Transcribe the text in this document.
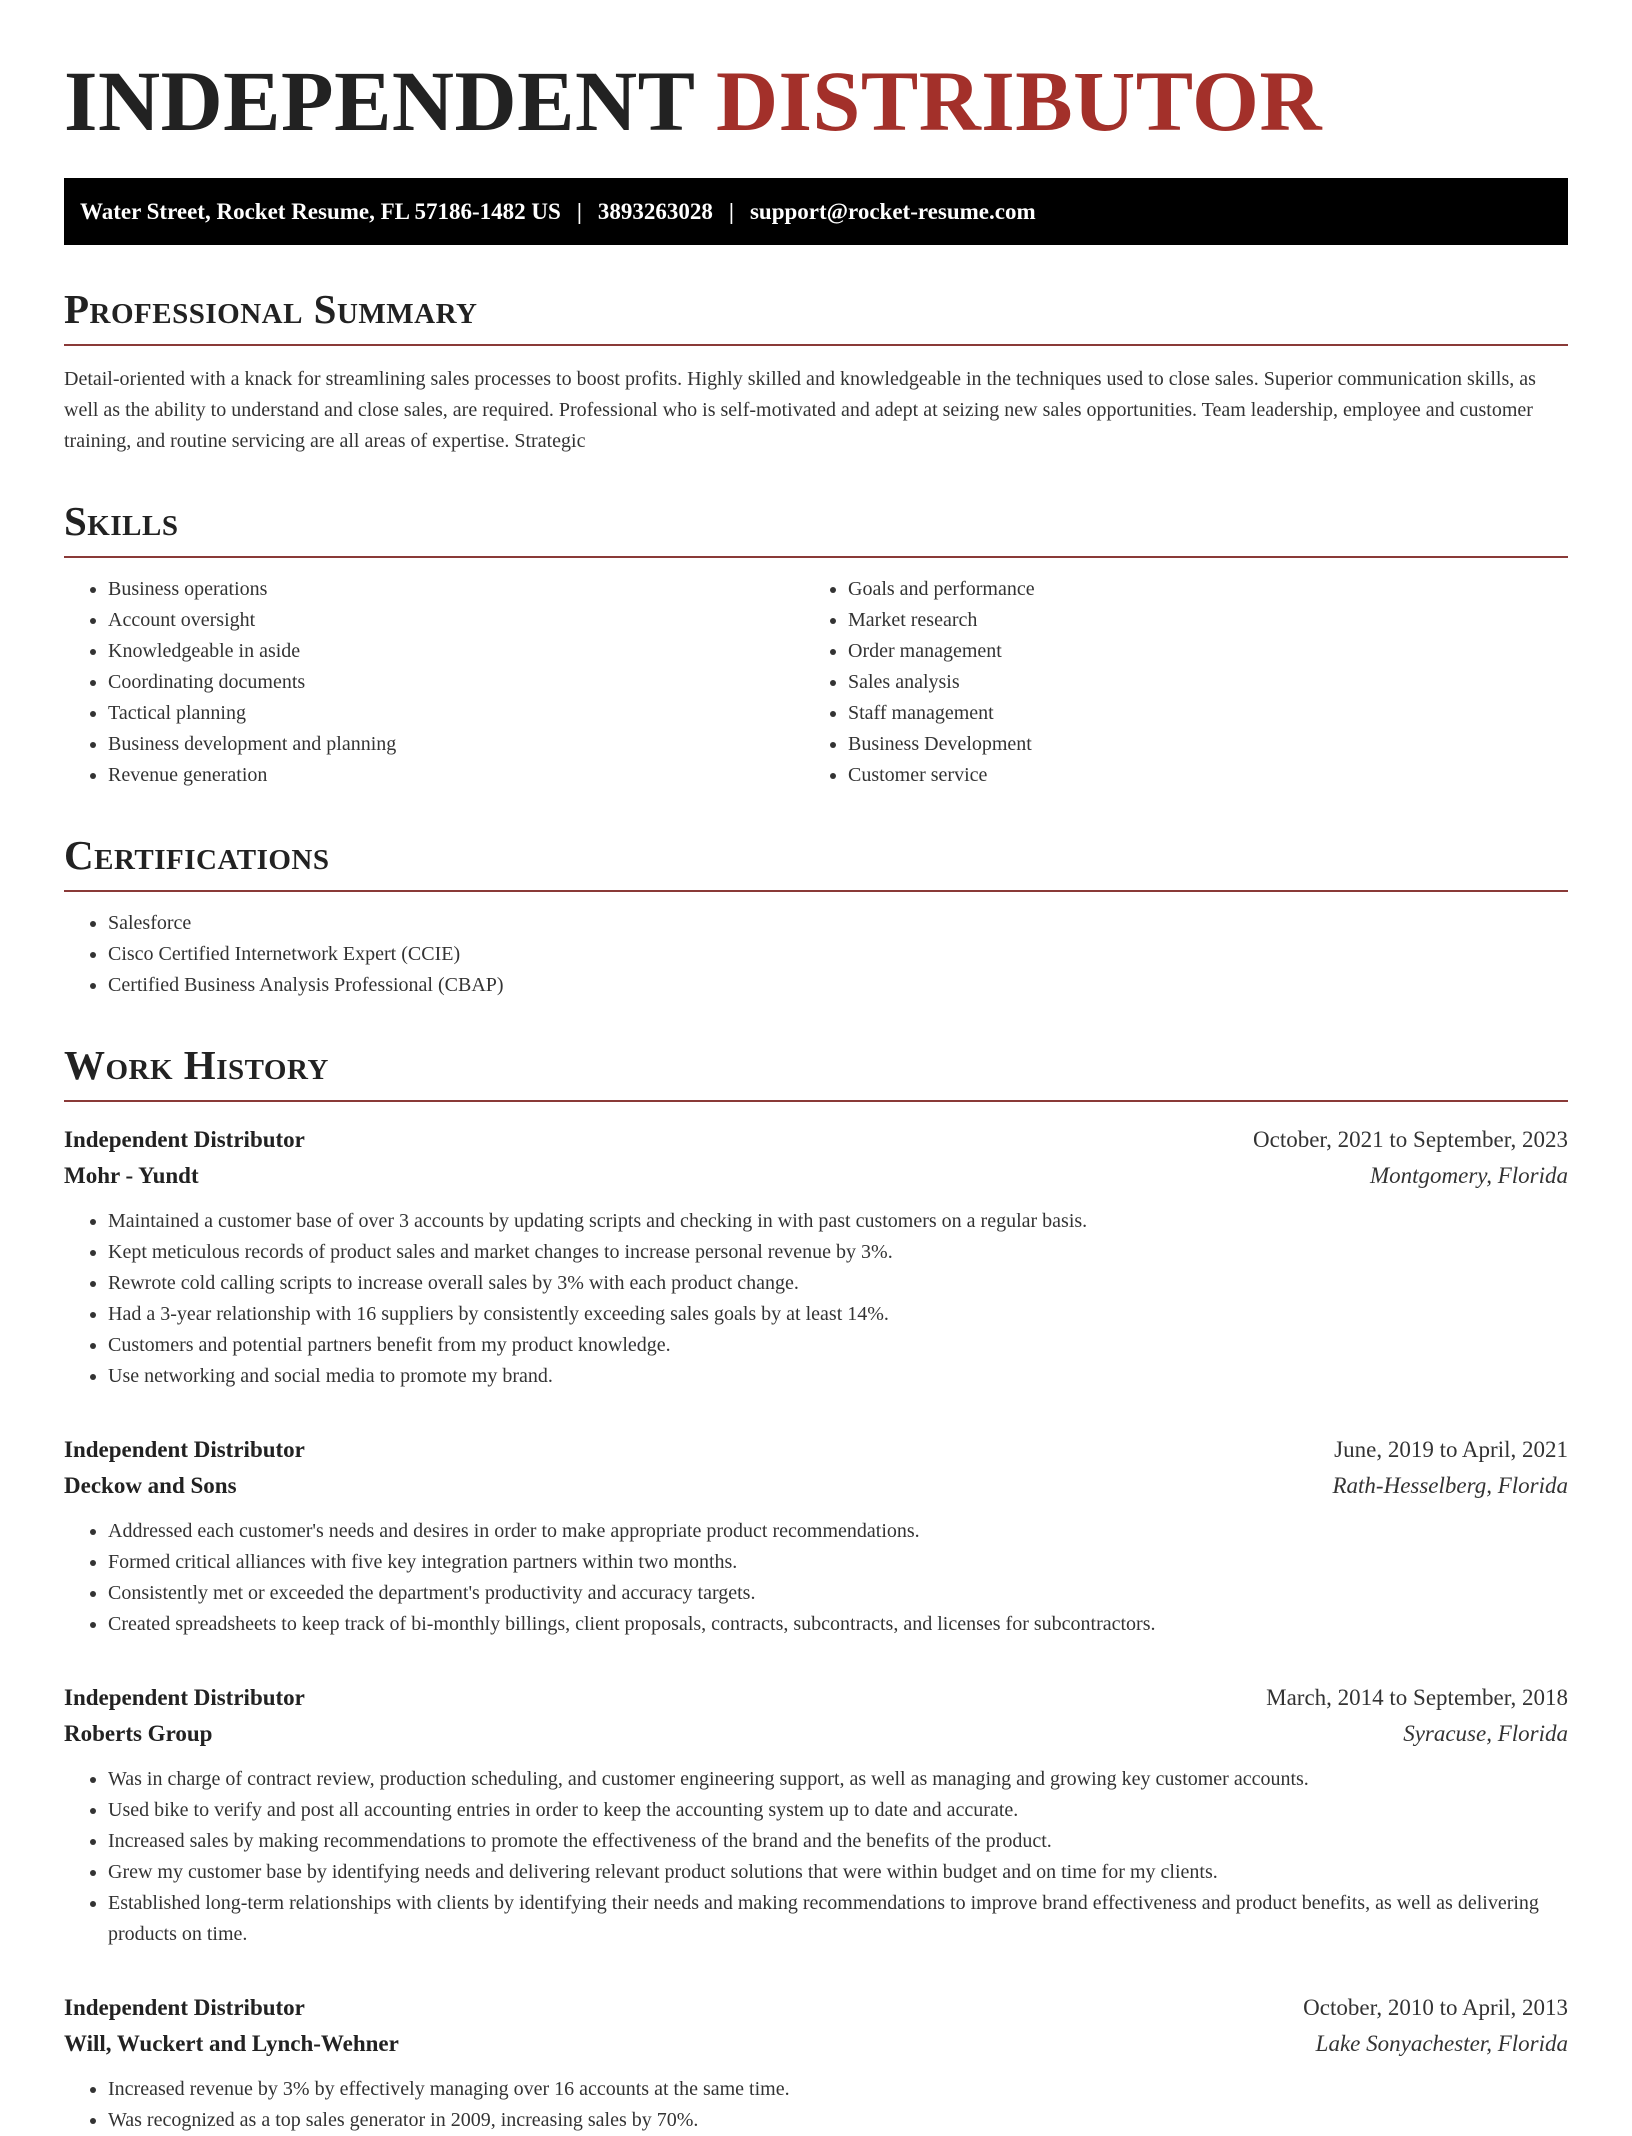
INDEPENDENT DISTRIBUTOR
Water Street, Rocket Resume, FL 57186-1482 US | 3893263028 | support@rocket-resume.com
Professional Summary

Detail-oriented with a knack for streamlining sales processes to boost profits. Highly skilled and knowledgeable in the techniques used to close sales. Superior communication skills, as well as the ability to understand and close sales, are required. Professional who is self-motivated and adept at seizing new sales opportunities. Team leadership, employee and customer training, and routine servicing are all areas of expertise. Strategic

Skills
• Business operations
• Account oversight
• Knowledgeable in aside
• Coordinating documents
• Tactical planning
• Business development and planning
• Revenue generation
• Goals and performance
• Market research
• Order management
• Sales analysis
• Staff management
• Business Development
• Customer service
Certifications
• Salesforce
• Cisco Certified Internetwork Expert (CCIE)
• Certified Business Analysis Professional (CBAP)
Work History
Independent Distributor	October, 2021 to September, 2023
Mohr - Yundt	Montgomery, Florida
• Maintained a customer base of over 3 accounts by updating scripts and checking in with past customers on a regular basis.
• Kept meticulous records of product sales and market changes to increase personal revenue by 3%.
• Rewrote cold calling scripts to increase overall sales by 3% with each product change.
• Had a 3-year relationship with 16 suppliers by consistently exceeding sales goals by at least 14%.
• Customers and potential partners benefit from my product knowledge.
• Use networking and social media to promote my brand.
Independent Distributor	June, 2019 to April, 2021
Deckow and Sons	Rath-Hesselberg, Florida
• Addressed each customer's needs and desires in order to make appropriate product recommendations.
• Formed critical alliances with five key integration partners within two months.
• Consistently met or exceeded the department's productivity and accuracy targets.
• Created spreadsheets to keep track of bi-monthly billings, client proposals, contracts, subcontracts, and licenses for subcontractors.
Independent Distributor	March, 2014 to September, 2018
Roberts Group	Syracuse, Florida
• Was in charge of contract review, production scheduling, and customer engineering support, as well as managing and growing key customer accounts.
• Used bike to verify and post all accounting entries in order to keep the accounting system up to date and accurate.
• Increased sales by making recommendations to promote the effectiveness of the brand and the benefits of the product.
• Grew my customer base by identifying needs and delivering relevant product solutions that were within budget and on time for my clients.
• Established long-term relationships with clients by identifying their needs and making recommendations to improve brand effectiveness and product benefits, as well as delivering products on time.
Independent Distributor	October, 2010 to April, 2013
Will, Wuckert and Lynch-Wehner	Lake Sonyachester, Florida
• Increased revenue by 3% by effectively managing over 16 accounts at the same time.
• Was recognized as a top sales generator in 2009, increasing sales by 70%.
